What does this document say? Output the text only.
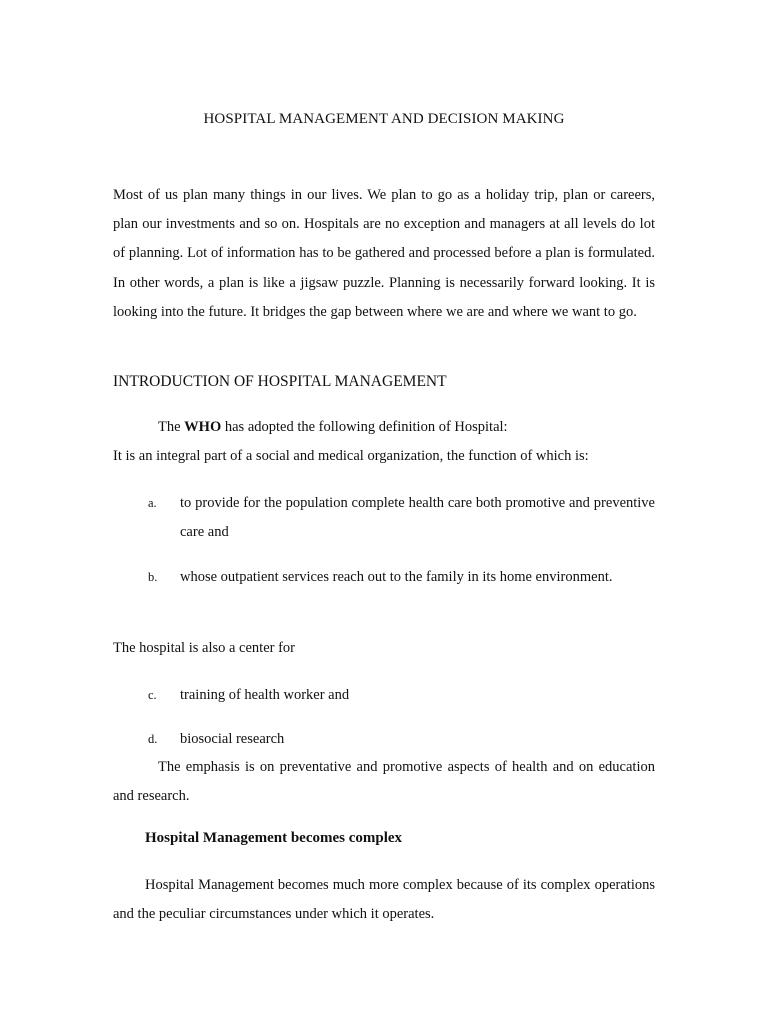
HOSPITAL MANAGEMENT AND DECISION MAKING
Most of us plan many things in our lives. We plan to go as a holiday trip, plan or careers, plan our investments and so on. Hospitals are no exception and managers at all levels do lot of planning. Lot of information has to be gathered and processed before a plan is formulated. In other words, a plan is like a jigsaw puzzle. Planning is necessarily forward looking. It is looking into the future. It bridges the gap between where we are and where we want to go.
INTRODUCTION OF HOSPITAL MANAGEMENT
The WHO has adopted the following definition of Hospital:
It is an integral part of a social and medical organization, the function of which is:
a. to provide for the population complete health care both promotive and preventive care and
b. whose outpatient services reach out to the family in its home environment.
The hospital is also a center for
c. training of health worker and
d. biosocial research
The emphasis is on preventative and promotive aspects of health and on education and research.
Hospital Management becomes complex
Hospital Management becomes much more complex because of its complex operations and the peculiar circumstances under which it operates.
